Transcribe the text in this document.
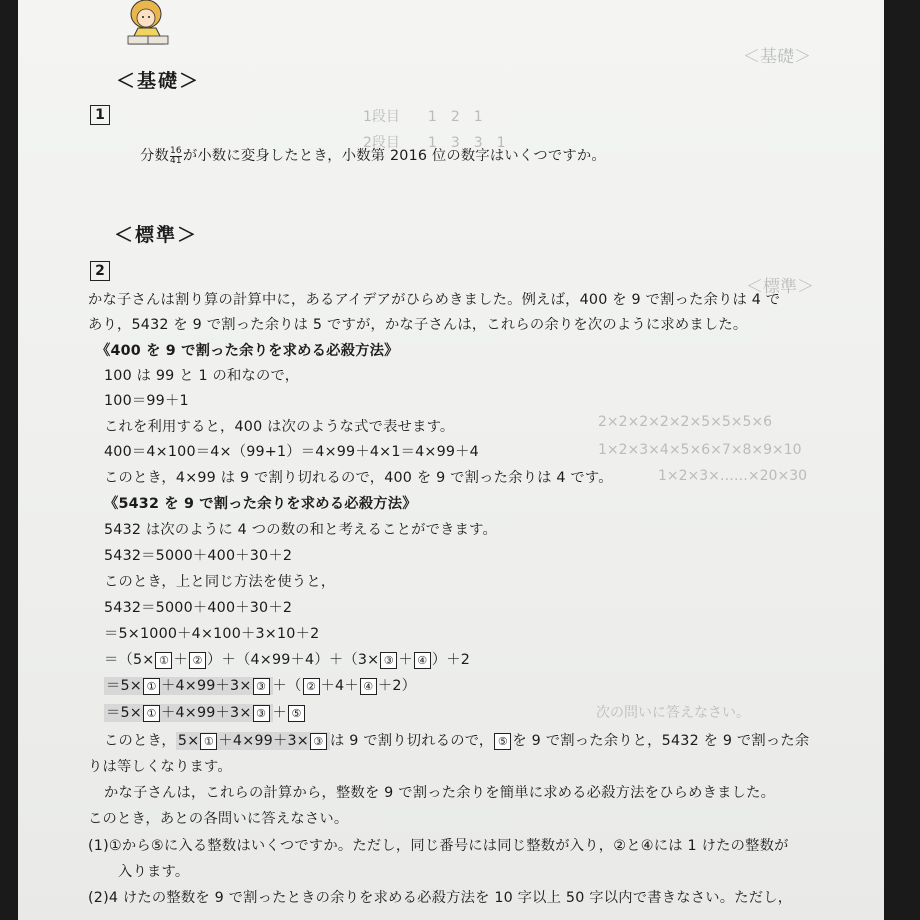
＜基礎＞
1段目　　1　2　1
2段目　　1　3　3　1
＜標準＞
2×2×2×2×2×5×5×5×6
1×2×3×4×5×6×7×8×9×10
1×2×3×……×20×30
次の問いに答えなさい。
＜基礎＞
1
分数 $\frac{16}{41}$ が小数に変身したとき，小数第 2016 位の数字はいくつですか。
＜標準＞
2
かな子さんは割り算の計算中に，あるアイデアがひらめきました。例えば，400 を 9 で割った余りは 4 で
あり，5432 を 9 で割った余りは 5 ですが，かな子さんは，これらの余りを次のように求めました。
《400 を 9 で割った余りを求める必殺方法》
100 は 99 と 1 の和なので，
100＝99＋1
これを利用すると，400 は次のような式で表せます。
400＝4×100＝4×（99+1）＝4×99＋4×1＝4×99＋4
このとき，4×99 は 9 で割り切れるので，400 を 9 で割った余りは 4 です。
《5432 を 9 で割った余りを求める必殺方法》
5432 は次のように 4 つの数の和と考えることができます。
5432＝5000＋400＋30＋2
このとき，上と同じ方法を使うと，
5432＝5000＋400＋30＋2
＝5×1000＋4×100＋3×10＋2
＝（5× ① ＋ ② ）＋（4×99＋4）＋（3× ③ ＋ ④ ）＋2
＝5× ① ＋4×99＋3× ③ ＋（ ② ＋4＋ ④ ＋2）
＝5× ① ＋4×99＋3× ③ ＋ ⑤
このとき， 5× ① ＋4×99＋3× ③ は 9 で割り切れるので， ⑤ を 9 で割った余りと，5432 を 9 で割った余
りは等しくなります。
かな子さんは，これらの計算から，整数を 9 で割った余りを簡単に求める必殺方法をひらめきました。
このとき，あとの各問いに答えなさい。
(1)①から⑤に入る整数はいくつですか。ただし，同じ番号には同じ整数が入り，②と④には 1 けたの整数が
入ります。
(2)4 けたの整数を 9 で割ったときの余りを求める必殺方法を 10 字以上 50 字以内で書きなさい。ただし，
